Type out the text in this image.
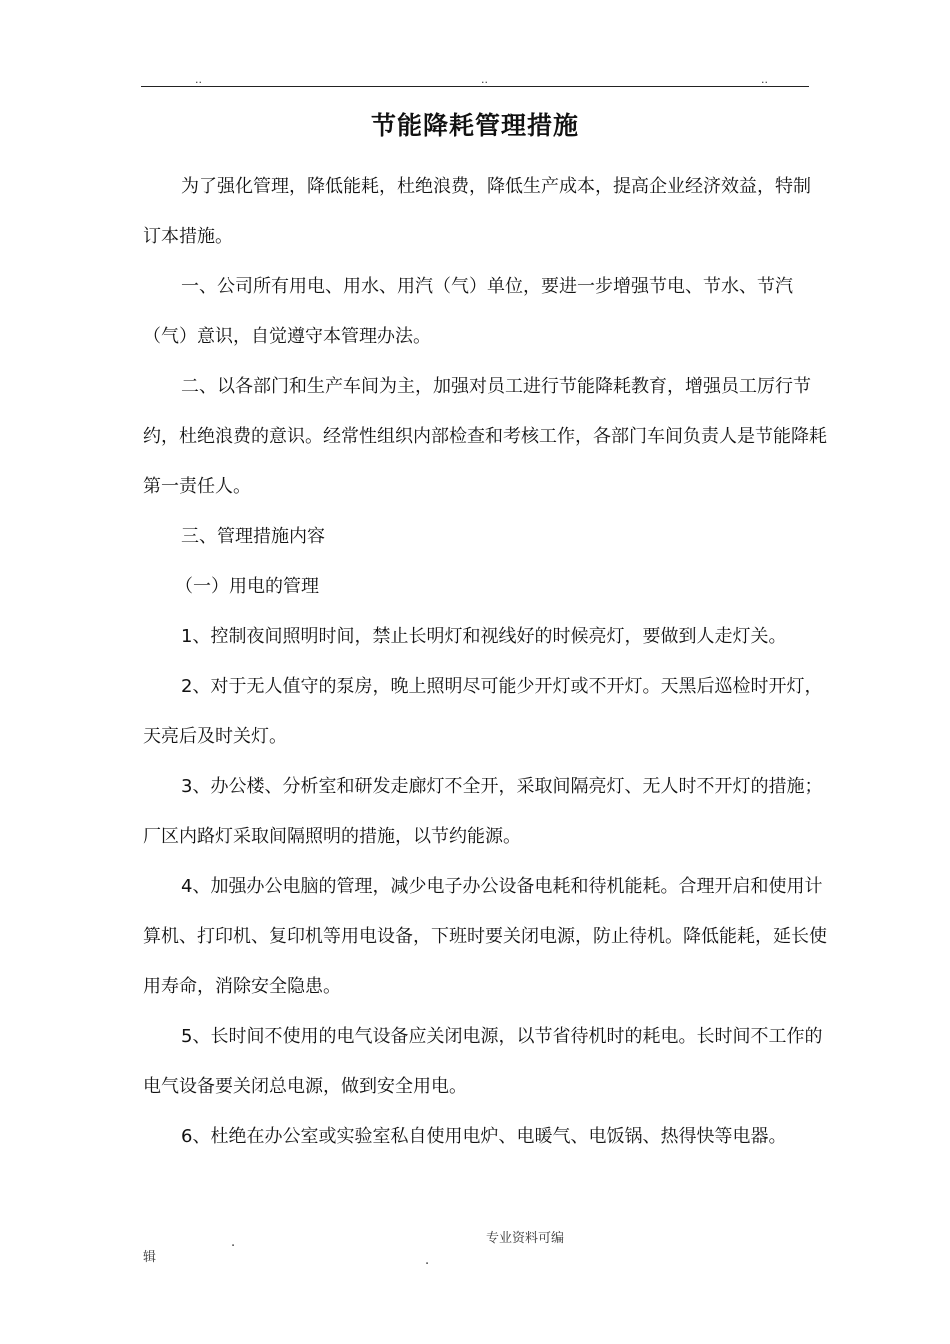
..	..	..
节能降耗管理措施

为了强化管理，降低能耗，杜绝浪费，降低生产成本，提高企业经济效益，特制订本措施。

一、公司所有用电、用水、用汽（气）单位，要进一步增强节电、节水、节汽（气）意识，自觉遵守本管理办法。

二、以各部门和生产车间为主，加强对员工进行节能降耗教育，增强员工厉行节约，杜绝浪费的意识。经常性组织内部检查和考核工作，各部门车间负责人是节能降耗第一责任人。

三、管理措施内容

（一）用电的管理

1、控制夜间照明时间，禁止长明灯和视线好的时候亮灯，要做到人走灯关。

2、对于无人值守的泵房，晚上照明尽可能少开灯或不开灯。天黑后巡检时开灯，天亮后及时关灯。

3、办公楼、分析室和研发走廊灯不全开，采取间隔亮灯、无人时不开灯的措施；厂区内路灯采取间隔照明的措施，以节约能源。

4、加强办公电脑的管理，减少电子办公设备电耗和待机能耗。合理开启和使用计算机、打印机、复印机等用电设备，下班时要关闭电源，防止待机。降低能耗，延长使用寿命，消除安全隐患。

5、长时间不使用的电气设备应关闭电源，以节省待机时的耗电。长时间不工作的电气设备要关闭总电源，做到安全用电。

6、杜绝在办公室或实验室私自使用电炉、电暖气、电饭锅、热得快等电器。

.	专业资料可编
辑	.
